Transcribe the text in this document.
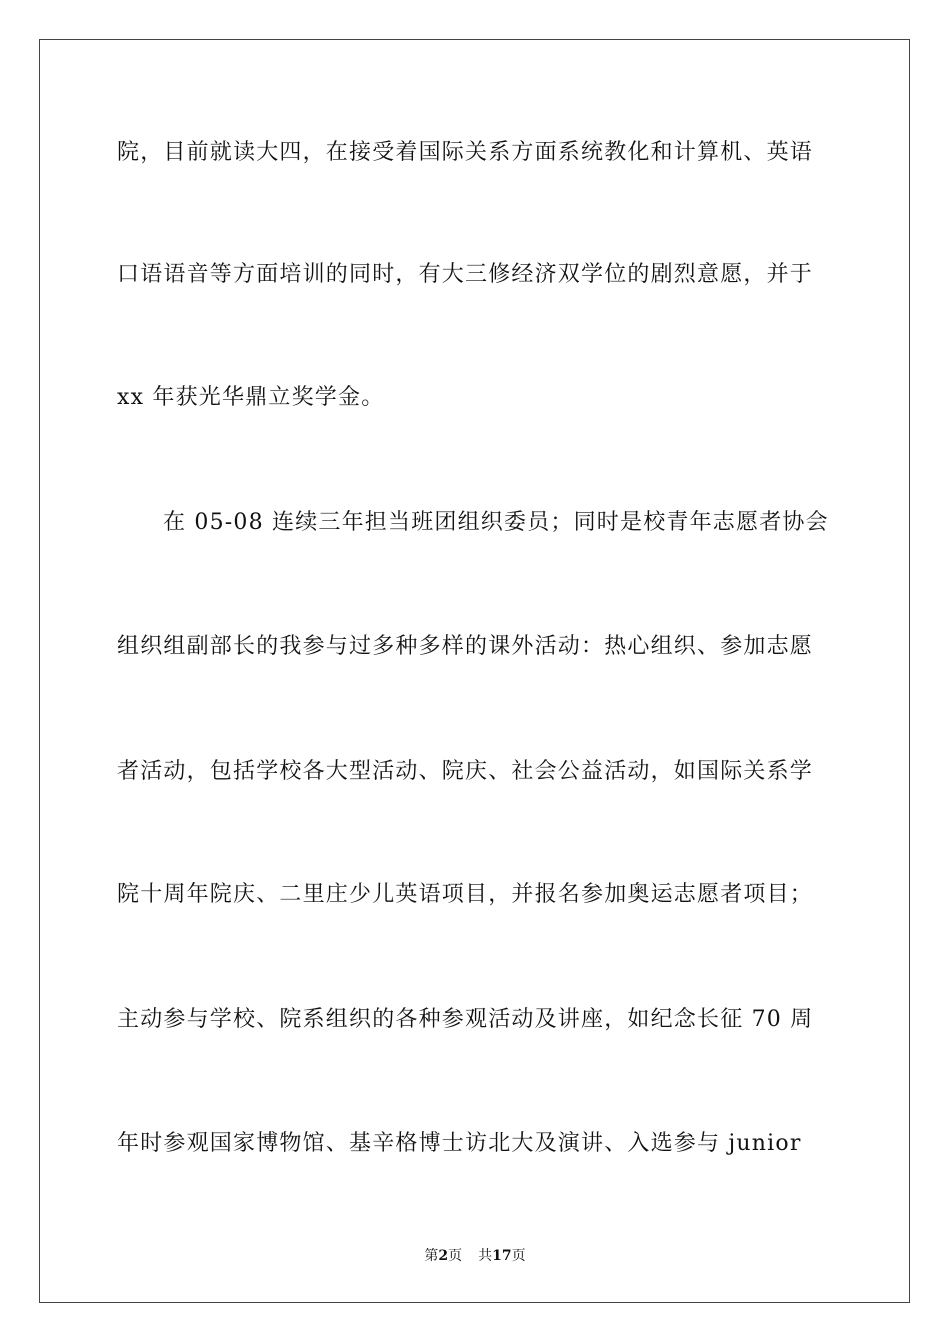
院，目前就读大四，在接受着国际关系方面系统教化和计算机、英语
口语语音等方面培训的同时，有大三修经济双学位的剧烈意愿，并于
xx 年获光华鼎立奖学金。
在 05-08 连续三年担当班团组织委员；同时是校青年志愿者协会
组织组副部长的我参与过多种多样的课外活动：热心组织、参加志愿
者活动，包括学校各大型活动、院庆、社会公益活动，如国际关系学
院十周年院庆、二里庄少儿英语项目，并报名参加奥运志愿者项目；
主动参与学校、院系组织的各种参观活动及讲座，如纪念长征 70 周
年时参观国家博物馆、基辛格博士访北大及演讲、入选参与 junior
第2页 共17页
